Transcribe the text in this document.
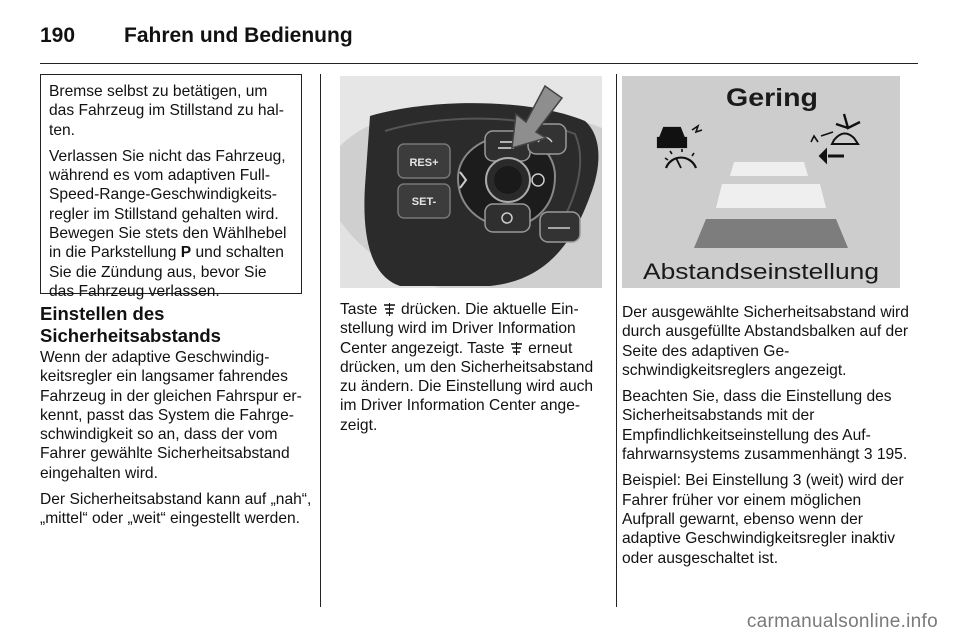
190	Fahren und Bedienung

Bremse selbst zu betätigen, um das Fahrzeug im Stillstand zu halten.

Verlassen Sie nicht das Fahrzeug, während es vom adaptiven Full-Speed-Range-Geschwindigkeitsregler im Stillstand gehalten wird. Bewegen Sie stets den Wählhebel in die Parkstellung P und schalten Sie die Zündung aus, bevor Sie das Fahrzeug verlassen.

Einstellen des Sicherheitsabstands

Wenn der adaptive Geschwindigkeitsregler ein langsamer fahrendes Fahrzeug in der gleichen Fahrspur erkennt, passt das System die Fahrgeschwindigkeit so an, dass der vom Fahrer gewählte Sicherheitsabstand eingehalten wird.

Der Sicherheitsabstand kann auf „nah“, „mittel“ oder „weit“ eingestellt werden.

RES+
SET-

Taste  drücken. Die aktuelle Einstellung wird im Driver Information Center angezeigt. Taste  erneut drücken, um den Sicherheitsabstand zu ändern. Die Einstellung wird auch im Driver Information Center angezeigt.

Gering
Abstandseinstellung

Der ausgewählte Sicherheitsabstand wird durch ausgefüllte Abstandsbalken auf der Seite des adaptiven Geschwindigkeitsreglers angezeigt.

Beachten Sie, dass die Einstellung des Sicherheitsabstands mit der Empfindlichkeitseinstellung des Auffahrwarnsystems zusammenhängt 3 195.

Beispiel: Bei Einstellung 3 (weit) wird der Fahrer früher vor einem möglichen Aufprall gewarnt, ebenso wenn der adaptive Geschwindigkeitsregler inaktiv oder ausgeschaltet ist.

carmanualsonline.info
